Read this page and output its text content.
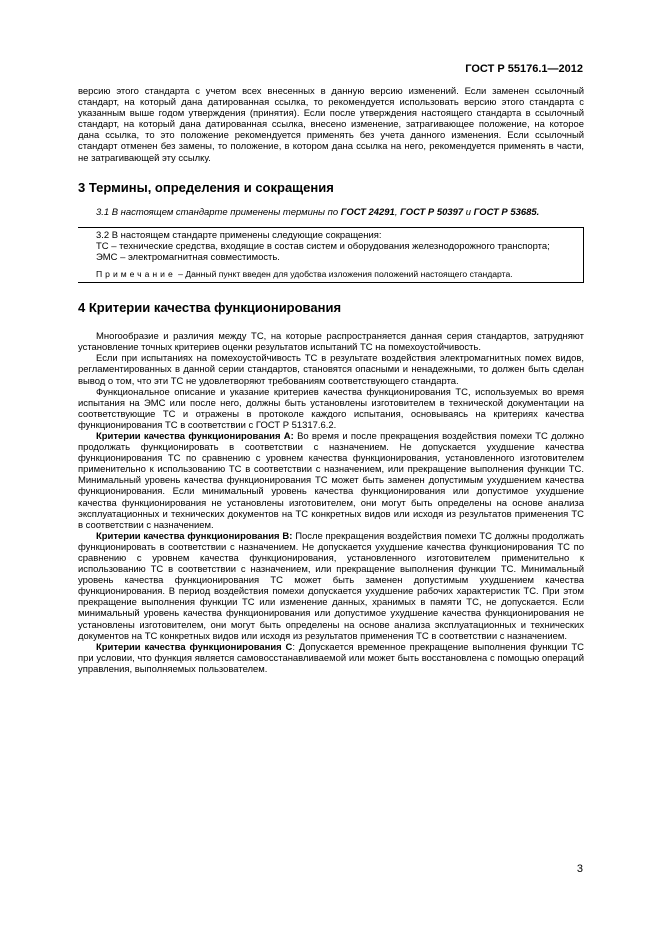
ГОСТ Р 55176.1—2012

версию этого стандарта с учетом всех внесенных в данную версию изменений. Если заменен ссылочный стандарт, на который дана датированная ссылка, то рекомендуется использовать версию этого стандарта с указанным выше годом утверждения (принятия). Если после утверждения настоящего стандарта в ссылочный стандарт, на который дана датированная ссылка, внесено изменение, затрагивающее положение, на которое дана ссылка, то это положение рекомендуется применять без учета данного изменения. Если ссылочный стандарт отменен без замены, то положение, в котором дана ссылка на него, рекомендуется применять в части, не затрагивающей эту ссылку.

3 Термины, определения и сокращения

3.1 В настоящем стандарте применены термины по ГОСТ 24291, ГОСТ Р 50397 и ГОСТ Р 53685.

3.2 В настоящем стандарте применены следующие сокращения:

ТС – технические средства, входящие в состав систем и оборудования железнодорожного транспорта;

ЭМС – электромагнитная совместимость.

Примечание – Данный пункт введен для удобства изложения положений настоящего стандарта.

4 Критерии качества функционирования

Многообразие и различия между ТС, на которые распространяется данная серия стандартов, затрудняют установление точных критериев оценки результатов испытаний ТС на помехоустойчивость.

Если при испытаниях на помехоустойчивость ТС в результате воздействия электромагнитных помех видов, регламентированных в данной серии стандартов, становятся опасными и ненадежными, то должен быть сделан вывод о том, что эти ТС не удовлетворяют требованиям соответствующего стандарта.

Функциональное описание и указание критериев качества функционирования ТС, используемых во время испытания на ЭМС или после него, должны быть установлены изготовителем в технической документации на соответствующие ТС и отражены в протоколе каждого испытания, основываясь на критериях качества функционирования ТС в соответствии с ГОСТ Р 51317.6.2.

Критерии качества функционирования А: Во время и после прекращения воздействия помехи ТС должно продолжать функционировать в соответствии с назначением. Не допускается ухудшение качества функционирования ТС по сравнению с уровнем качества функционирования, установленного изготовителем применительно к использованию ТС в соответствии с назначением, или прекращение выполнения функции ТС. Минимальный уровень качества функционирования ТС может быть заменен допустимым ухудшением качества функционирования. Если минимальный уровень качества функционирования или допустимое ухудшение качества функционирования не установлены изготовителем, они могут быть определены на основе анализа эксплуатационных и технических документов на ТС конкретных видов или исходя из результатов применения ТС в соответствии с назначением.

Критерии качества функционирования В: После прекращения воздействия помехи ТС должны продолжать функционировать в соответствии с назначением. Не допускается ухудшение качества функционирования ТС по сравнению с уровнем качества функционирования, установленного изготовителем применительно к использованию ТС в соответствии с назначением, или прекращение выполнения функции ТС. Минимальный уровень качества функционирования ТС может быть заменен допустимым ухудшением качества функционирования. В период воздействия помехи допускается ухудшение рабочих характеристик ТС. При этом прекращение выполнения функции ТС или изменение данных, хранимых в памяти ТС, не допускается. Если минимальный уровень качества функционирования или допустимое ухудшение качества функционирования не установлены изготовителем, они могут быть определены на основе анализа эксплуатационных и технических документов на ТС конкретных видов или исходя из результатов применения ТС в соответствии с назначением.

Критерии качества функционирования С: Допускается временное прекращение выполнения функции ТС при условии, что функция является самовосстанавливаемой или может быть восстановлена с помощью операций управления, выполняемых пользователем.

3
